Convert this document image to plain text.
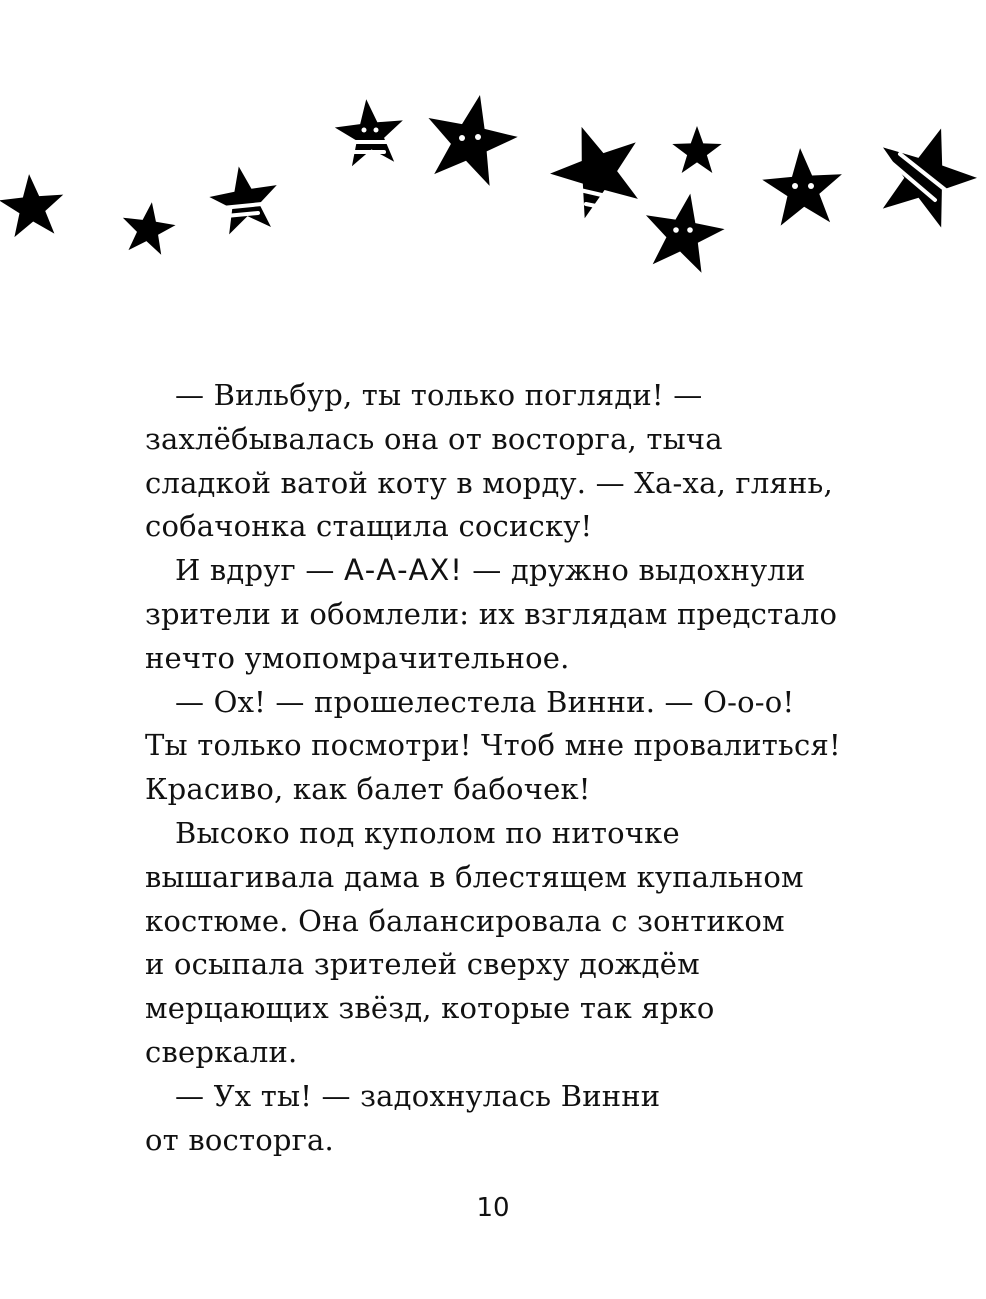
— Вильбур, ты только погляди! —
захлёбывалась она от восторга, тыча
сладкой ватой коту в морду. — Ха-ха, глянь,
собачонка стащила сосиску!
И вдруг — А-А-АХ! — дружно выдохнули
зрители и обомлели: их взглядам предстало
нечто умопомрачительное.
— Ох! — прошелестела Винни. — О-о-о!
Ты только посмотри! Чтоб мне провалиться!
Красиво, как балет бабочек!
Высоко под куполом по ниточке
вышагивала дама в блестящем купальном
костюме. Она балансировала с зонтиком
и осыпала зрителей сверху дождём
мерцающих звёзд, которые так ярко
сверкали.
— Ух ты! — задохнулась Винни
от восторга.
10
